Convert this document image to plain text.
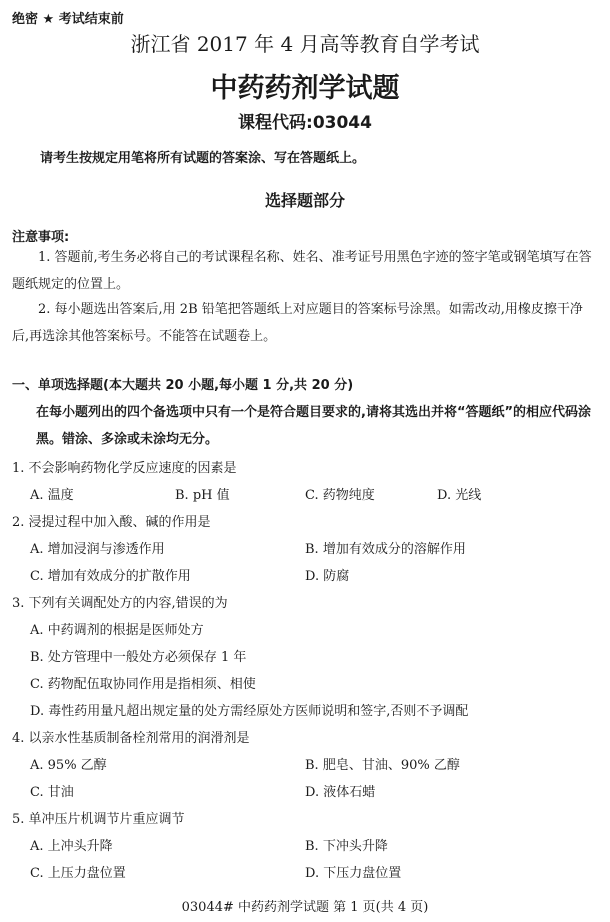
绝密 ★ 考试结束前
浙江省 2017 年 4 月高等教育自学考试
中药药剂学试题
课程代码:03044
请考生按规定用笔将所有试题的答案涂、写在答题纸上。
选择题部分
注意事项:
1. 答题前,考生务必将自己的考试课程名称、姓名、准考证号用黑色字迹的签字笔或钢笔填写在答题纸规定的位置上。
2. 每小题选出答案后,用 2B 铅笔把答题纸上对应题目的答案标号涂黑。如需改动,用橡皮擦干净后,再选涂其他答案标号。不能答在试题卷上。
一、单项选择题(本大题共 20 小题,每小题 1 分,共 20 分)
在每小题列出的四个备选项中只有一个是符合题目要求的,请将其选出并将“答题纸”的相应代码涂黑。错涂、多涂或未涂均无分。
1. 不会影响药物化学反应速度的因素是
A. 温度	B. pH 值	C. 药物纯度	D. 光线
2. 浸提过程中加入酸、碱的作用是
A. 增加浸润与渗透作用	B. 增加有效成分的溶解作用
C. 增加有效成分的扩散作用	D. 防腐
3. 下列有关调配处方的内容,错误的为
A. 中药调剂的根据是医师处方
B. 处方管理中一般处方必须保存 1 年
C. 药物配伍取协同作用是指相须、相使
D. 毒性药用量凡超出规定量的处方需经原处方医师说明和签字,否则不予调配
4. 以亲水性基质制备栓剂常用的润滑剂是
A. 95% 乙醇	B. 肥皂、甘油、90% 乙醇
C. 甘油	D. 液体石蜡
5. 单冲压片机调节片重应调节
A. 上冲头升降	B. 下冲头升降
C. 上压力盘位置	D. 下压力盘位置
03044# 中药药剂学试题 第 1 页(共 4 页)
